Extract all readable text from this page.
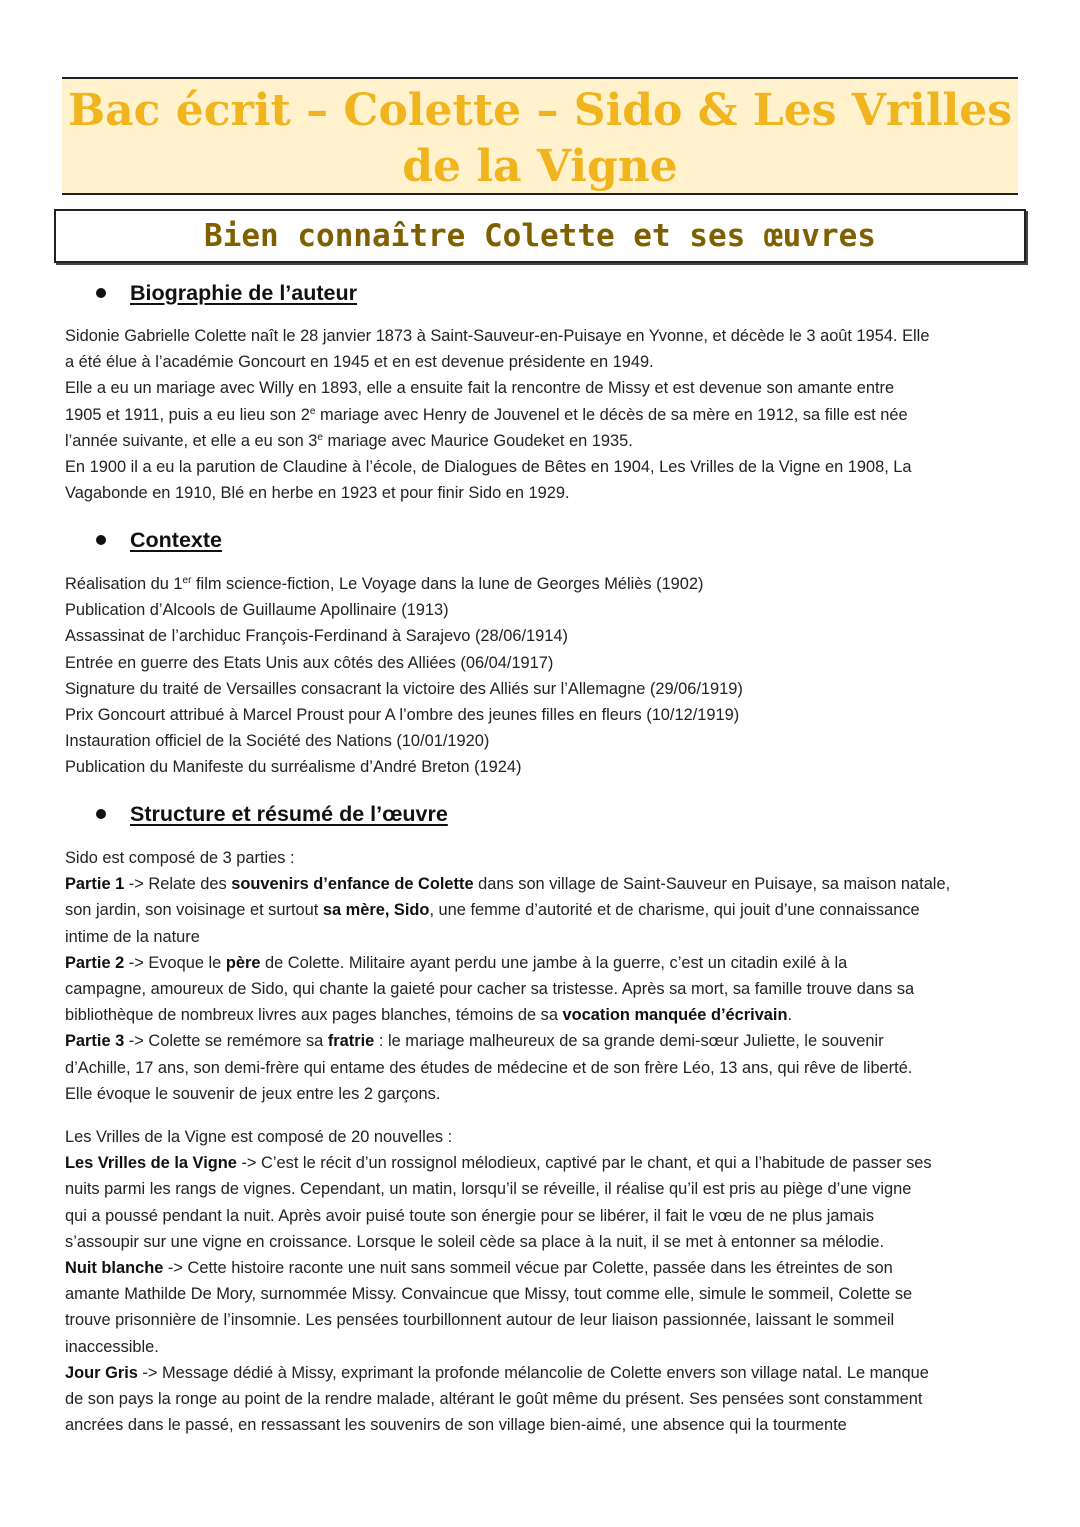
Bac écrit – Colette – Sido & Les Vrilles
de la Vigne
Bien connaître Colette et ses œuvres
Biographie de l’auteur

Sidonie Gabrielle Colette naît le 28 janvier 1873 à Saint-Sauveur-en-Puisaye en Yvonne, et décède le 3 août 1954. Elle

a été élue à l’académie Goncourt en 1945 et en est devenue présidente en 1949.

Elle a eu un mariage avec Willy en 1893, elle a ensuite fait la rencontre de Missy et est devenue son amante entre

1905 et 1911, puis a eu lieu son 2e mariage avec Henry de Jouvenel et le décès de sa mère en 1912, sa fille est née

l’année suivante, et elle a eu son 3e mariage avec Maurice Goudeket en 1935.

En 1900 il a eu la parution de Claudine à l’école, de Dialogues de Bêtes en 1904, Les Vrilles de la Vigne en 1908, La

Vagabonde en 1910, Blé en herbe en 1923 et pour finir Sido en 1929.

Contexte

Réalisation du 1er film science-fiction, Le Voyage dans la lune de Georges Méliès (1902)

Publication d’Alcools de Guillaume Apollinaire (1913)

Assassinat de l’archiduc François-Ferdinand à Sarajevo (28/06/1914)

Entrée en guerre des Etats Unis aux côtés des Alliées (06/04/1917)

Signature du traité de Versailles consacrant la victoire des Alliés sur l’Allemagne (29/06/1919)

Prix Goncourt attribué à Marcel Proust pour A l’ombre des jeunes filles en fleurs (10/12/1919)

Instauration officiel de la Société des Nations (10/01/1920)

Publication du Manifeste du surréalisme d’André Breton (1924)

Structure et résumé de l’œuvre

Sido est composé de 3 parties :

Partie 1 -> Relate des souvenirs d’enfance de Colette dans son village de Saint-Sauveur en Puisaye, sa maison natale,

son jardin, son voisinage et surtout sa mère, Sido, une femme d’autorité et de charisme, qui jouit d’une connaissance

intime de la nature

Partie 2 -> Evoque le père de Colette. Militaire ayant perdu une jambe à la guerre, c’est un citadin exilé à la

campagne, amoureux de Sido, qui chante la gaieté pour cacher sa tristesse. Après sa mort, sa famille trouve dans sa

bibliothèque de nombreux livres aux pages blanches, témoins de sa vocation manquée d’écrivain.

Partie 3 -> Colette se remémore sa fratrie : le mariage malheureux de sa grande demi-sœur Juliette, le souvenir

d’Achille, 17 ans, son demi-frère qui entame des études de médecine et de son frère Léo, 13 ans, qui rêve de liberté.

Elle évoque le souvenir de jeux entre les 2 garçons.

Les Vrilles de la Vigne est composé de 20 nouvelles :

Les Vrilles de la Vigne -> C’est le récit d’un rossignol mélodieux, captivé par le chant, et qui a l’habitude de passer ses

nuits parmi les rangs de vignes. Cependant, un matin, lorsqu’il se réveille, il réalise qu’il est pris au piège d’une vigne

qui a poussé pendant la nuit. Après avoir puisé toute son énergie pour se libérer, il fait le vœu de ne plus jamais

s’assoupir sur une vigne en croissance. Lorsque le soleil cède sa place à la nuit, il se met à entonner sa mélodie.

Nuit blanche -> Cette histoire raconte une nuit sans sommeil vécue par Colette, passée dans les étreintes de son

amante Mathilde De Mory, surnommée Missy. Convaincue que Missy, tout comme elle, simule le sommeil, Colette se

trouve prisonnière de l’insomnie. Les pensées tourbillonnent autour de leur liaison passionnée, laissant le sommeil

inaccessible.

Jour Gris -> Message dédié à Missy, exprimant la profonde mélancolie de Colette envers son village natal. Le manque

de son pays la ronge au point de la rendre malade, altérant le goût même du présent. Ses pensées sont constamment

ancrées dans le passé, en ressassant les souvenirs de son village bien-aimé, une absence qui la tourmente
